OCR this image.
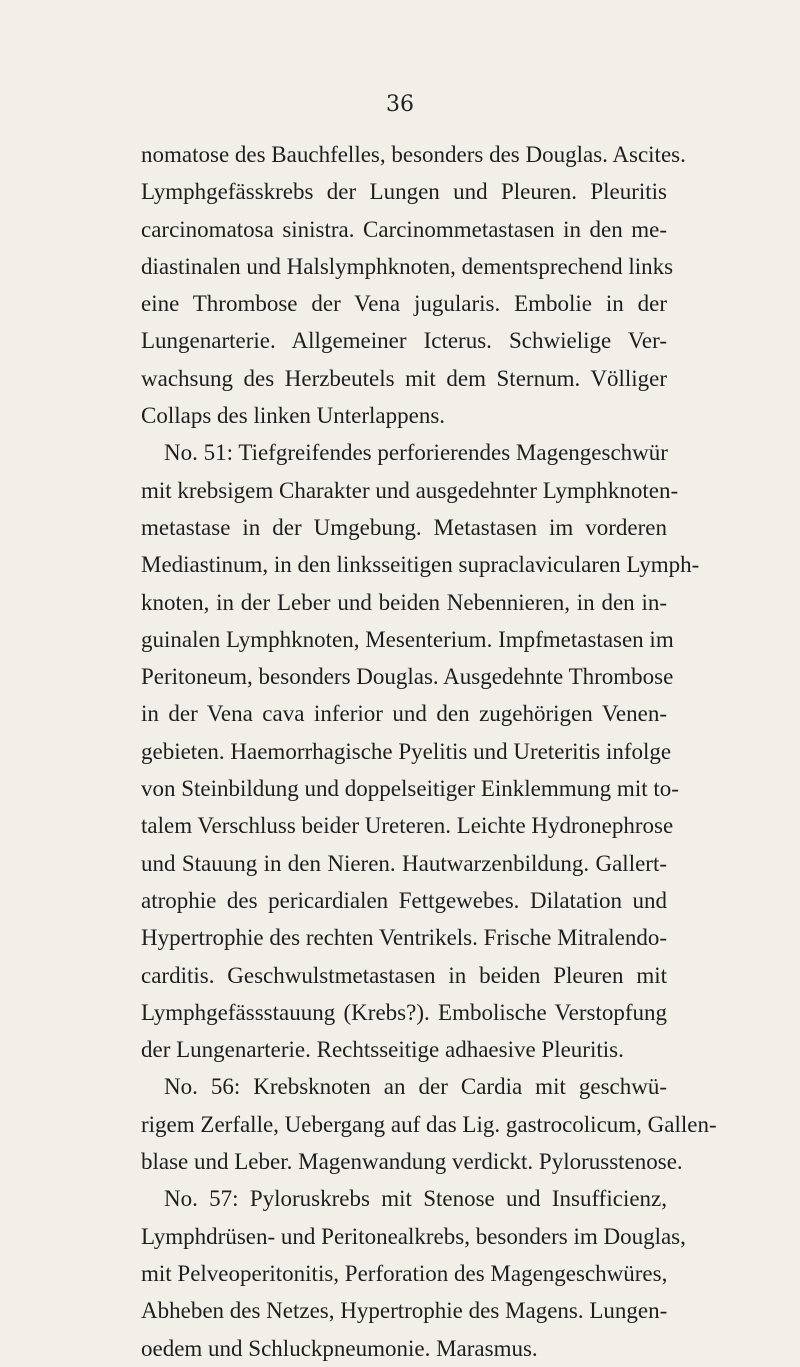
36
nomatose des Bauchfelles, besonders des Douglas. Ascites.
Lymphgefässkrebs der Lungen und Pleuren. Pleuritis
carcinomatosa sinistra. Carcinommetastasen in den me-
diastinalen und Halslymphknoten, dementsprechend links
eine Thrombose der Vena jugularis. Embolie in der
Lungenarterie. Allgemeiner Icterus. Schwielige Ver-
wachsung des Herzbeutels mit dem Sternum. Völliger
Collaps des linken Unterlappens.
No. 51: Tiefgreifendes perforierendes Magengeschwür
mit krebsigem Charakter und ausgedehnter Lymphknoten-
metastase in der Umgebung. Metastasen im vorderen
Mediastinum, in den linksseitigen supraclavicularen Lymph-
knoten, in der Leber und beiden Nebennieren, in den in-
guinalen Lymphknoten, Mesenterium. Impfmetastasen im
Peritoneum, besonders Douglas. Ausgedehnte Thrombose
in der Vena cava inferior und den zugehörigen Venen-
gebieten. Haemorrhagische Pyelitis und Ureteritis infolge
von Steinbildung und doppelseitiger Einklemmung mit to-
talem Verschluss beider Ureteren. Leichte Hydronephrose
und Stauung in den Nieren. Hautwarzenbildung. Gallert-
atrophie des pericardialen Fettgewebes. Dilatation und
Hypertrophie des rechten Ventrikels. Frische Mitralendo-
carditis. Geschwulstmetastasen in beiden Pleuren mit
Lymphgefässstauung (Krebs?). Embolische Verstopfung
der Lungenarterie. Rechtsseitige adhaesive Pleuritis.
No. 56: Krebsknoten an der Cardia mit geschwü-
rigem Zerfalle, Uebergang auf das Lig. gastrocolicum, Gallen-
blase und Leber. Magenwandung verdickt. Pylorusstenose.
No. 57: Pyloruskrebs mit Stenose und Insufficienz,
Lymphdrüsen- und Peritonealkrebs, besonders im Douglas,
mit Pelveoperitonitis, Perforation des Magengeschwüres,
Abheben des Netzes, Hypertrophie des Magens. Lungen-
oedem und Schluckpneumonie. Marasmus.
